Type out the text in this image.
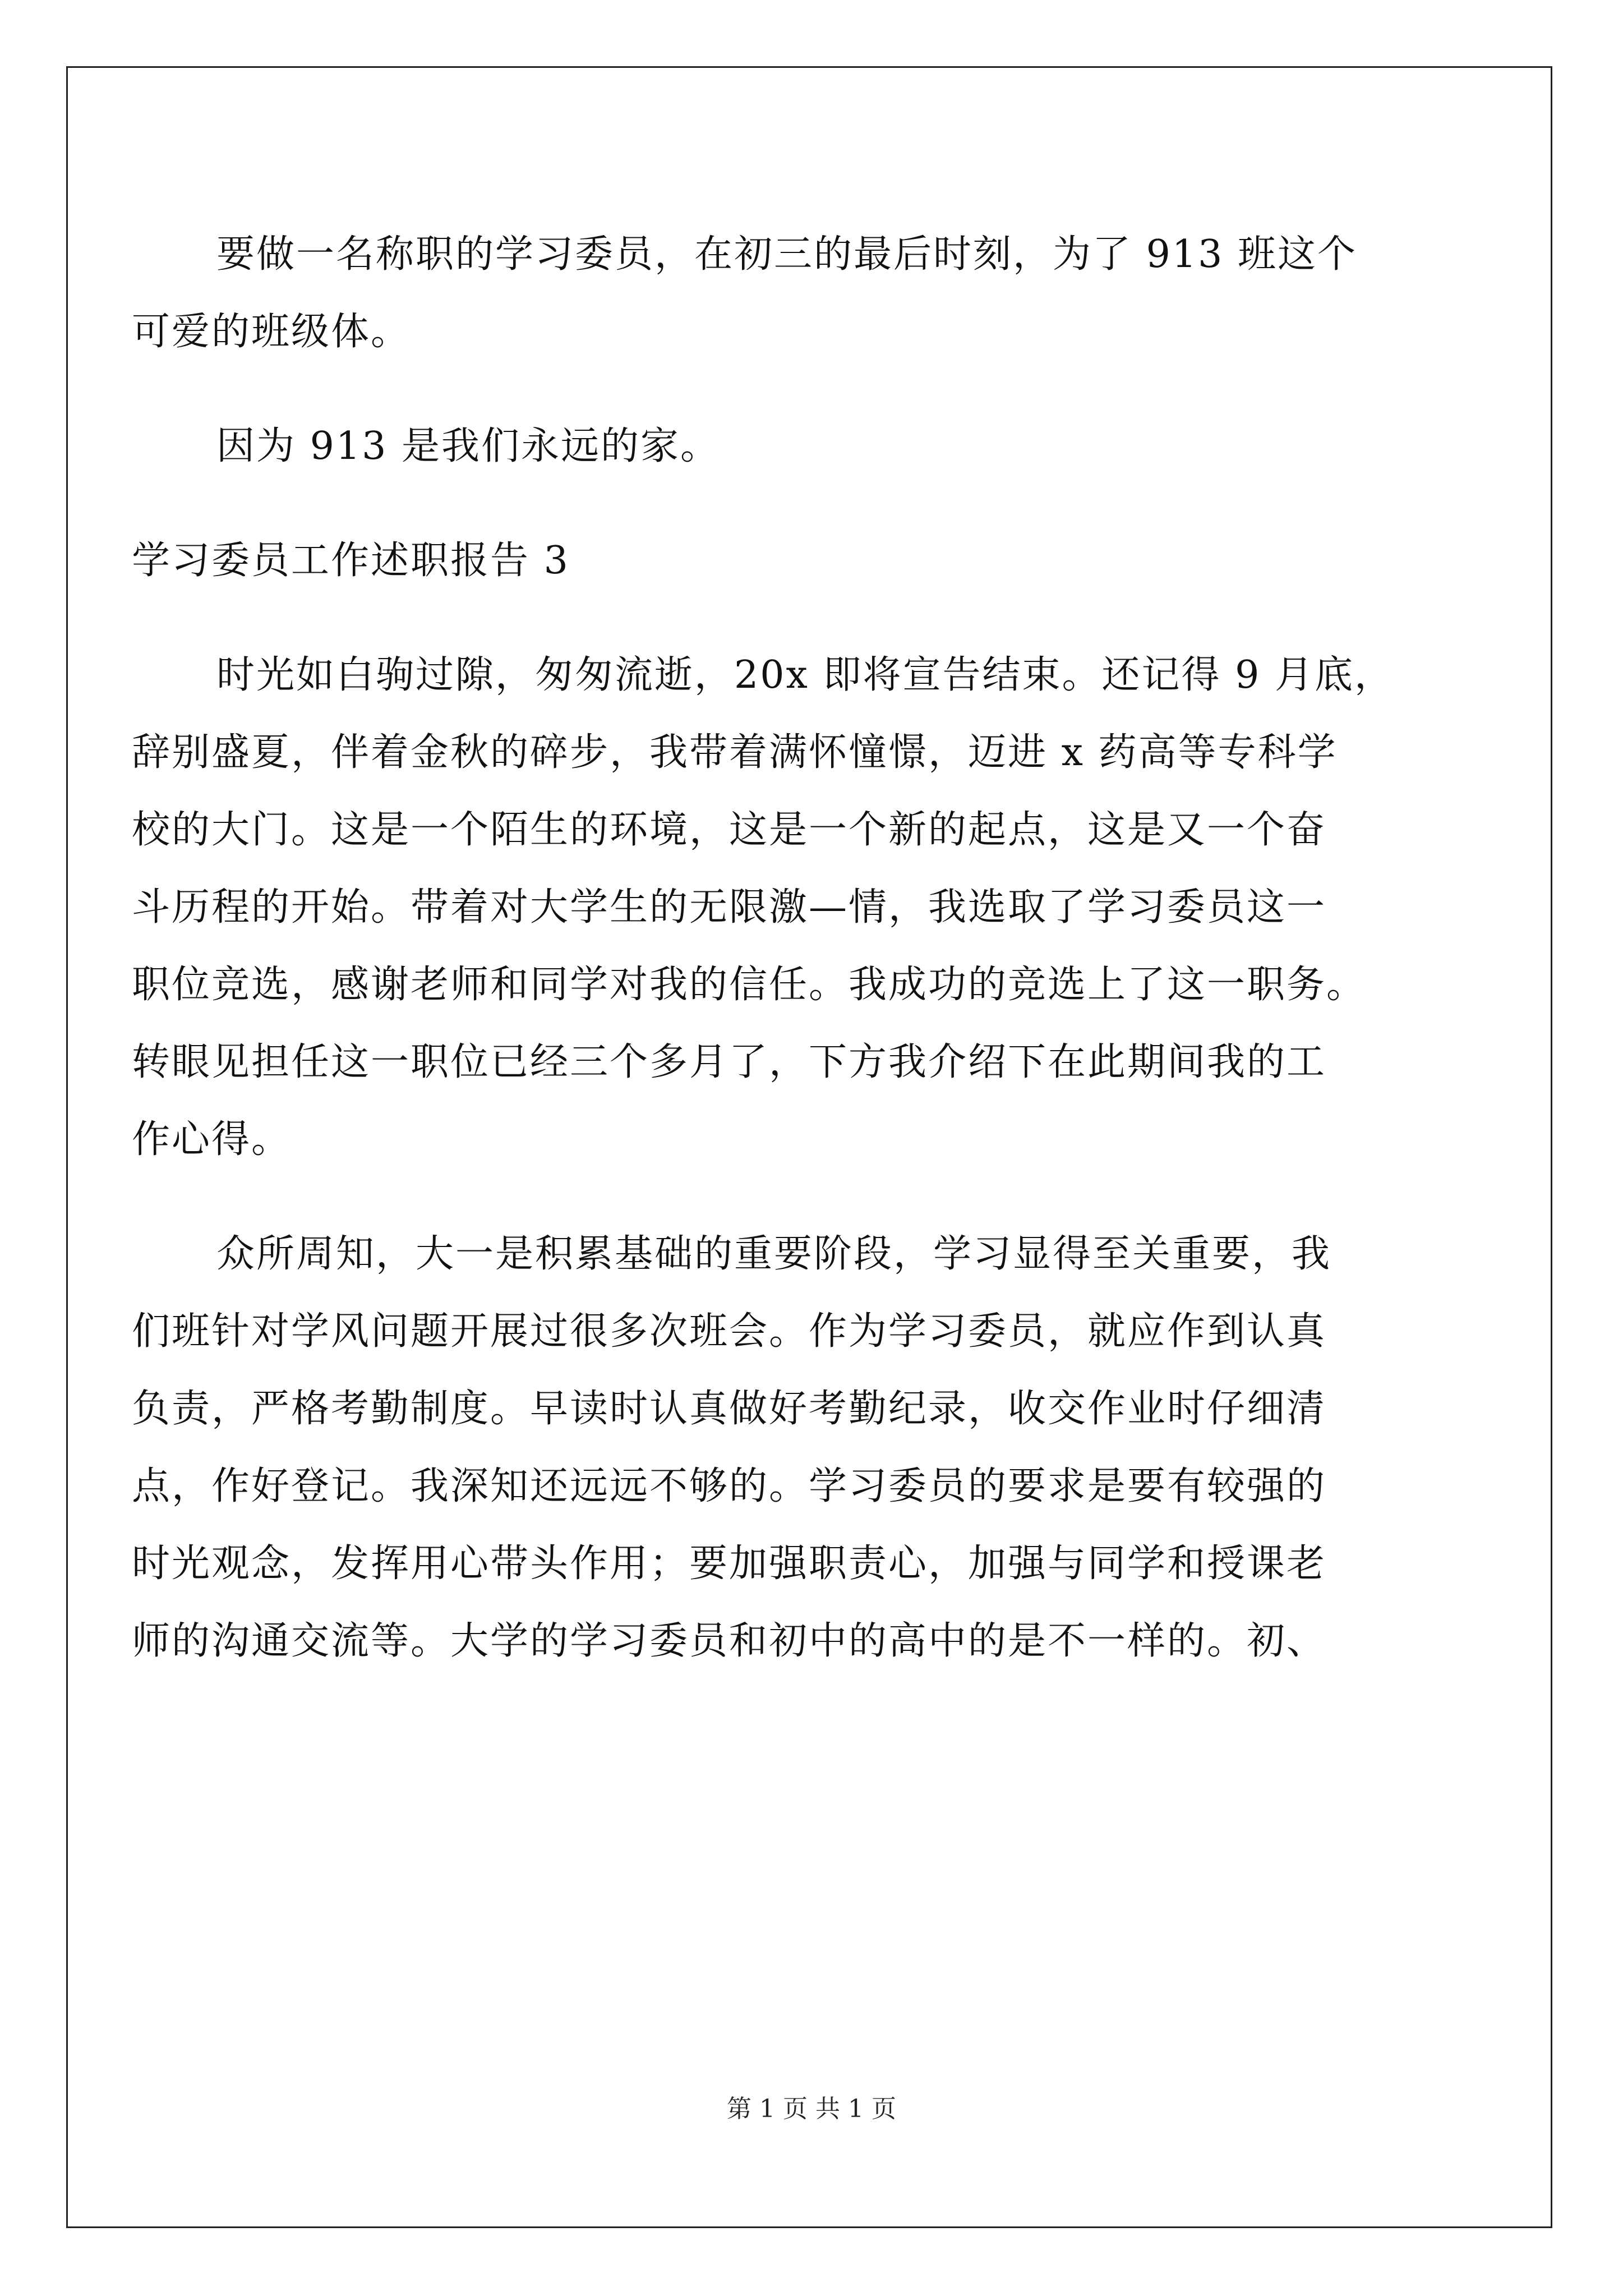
要做一名称职的学习委员，在初三的最后时刻，为了 913 班这个
可爱的班级体。
因为 913 是我们永远的家。
学习委员工作述职报告 3
时光如白驹过隙，匆匆流逝，20x 即将宣告结束。还记得 9 月底，
辞别盛夏，伴着金秋的碎步，我带着满怀憧憬，迈进 x 药高等专科学
校的大门。这是一个陌生的环境，这是一个新的起点，这是又一个奋
斗历程的开始。带着对大学生的无限激—情，我选取了学习委员这一
职位竞选，感谢老师和同学对我的信任。我成功的竞选上了这一职务。
转眼见担任这一职位已经三个多月了，下方我介绍下在此期间我的工
作心得。
众所周知，大一是积累基础的重要阶段，学习显得至关重要，我
们班针对学风问题开展过很多次班会。作为学习委员，就应作到认真
负责，严格考勤制度。早读时认真做好考勤纪录，收交作业时仔细清
点，作好登记。我深知还远远不够的。学习委员的要求是要有较强的
时光观念，发挥用心带头作用；要加强职责心，加强与同学和授课老
师的沟通交流等。大学的学习委员和初中的高中的是不一样的。初、
第 1 页 共 1 页
